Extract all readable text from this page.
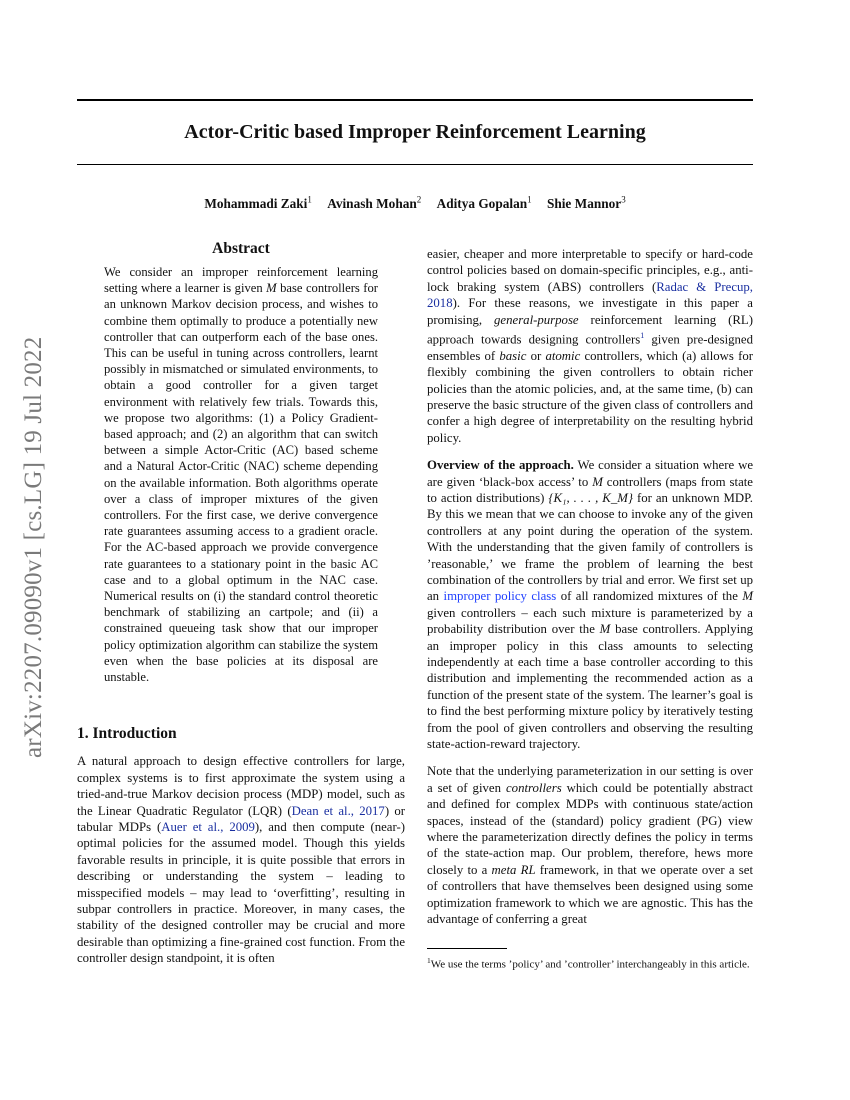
arXiv:2207.09090v1 [cs.LG] 19 Jul 2022
Actor-Critic based Improper Reinforcement Learning
Mohammadi Zaki$^1$ Avinash Mohan$^2$ Aditya Gopalan$^1$ Shie Mannor$^3$
Abstract

We consider an improper reinforcement learning setting where a learner is given M base controllers for an unknown Markov decision process, and wishes to combine them optimally to produce a potentially new controller that can outperform each of the base ones. This can be useful in tuning across controllers, learnt possibly in mismatched or simulated environments, to obtain a good controller for a given target environment with relatively few trials. Towards this, we propose two algorithms: (1) a Policy Gradient-based approach; and (2) an algorithm that can switch between a simple Actor-Critic (AC) based scheme and a Natural Actor-Critic (NAC) scheme depending on the available information. Both algorithms operate over a class of improper mixtures of the given controllers. For the first case, we derive convergence rate guarantees assuming access to a gradient oracle. For the AC-based approach we provide convergence rate guarantees to a stationary point in the basic AC case and to a global optimum in the NAC case. Numerical results on (i) the standard control theoretic benchmark of stabilizing an cartpole; and (ii) a constrained queueing task show that our improper policy optimization algorithm can stabilize the system even when the base policies at its disposal are unstable.

1. Introduction

A natural approach to design effective controllers for large, complex systems is to first approximate the system using a tried-and-true Markov decision process (MDP) model, such as the Linear Quadratic Regulator (LQR) (Dean et al., 2017) or tabular MDPs (Auer et al., 2009), and then compute (near-) optimal policies for the assumed model. Though this yields favorable results in principle, it is quite possible that errors in describing or understanding the system – leading to misspecified models – may lead to ‘overfitting’, resulting in subpar controllers in practice. Moreover, in many cases, the stability of the designed controller may be crucial and more desirable than optimizing a fine-grained cost function. From the controller design standpoint, it is often

easier, cheaper and more interpretable to specify or hard-code control policies based on domain-specific principles, e.g., anti-lock braking system (ABS) controllers (Radac & Precup, 2018). For these reasons, we investigate in this paper a promising, general-purpose reinforcement learning (RL) approach towards designing controllers$^1$ given pre-designed ensembles of basic or atomic controllers, which (a) allows for flexibly combining the given controllers to obtain richer policies than the atomic policies, and, at the same time, (b) can preserve the basic structure of the given class of controllers and confer a high degree of interpretability on the resulting hybrid policy.

Overview of the approach. We consider a situation where we are given ‘black-box access’ to M controllers (maps from state to action distributions) {K₁, . . . , K_M} for an unknown MDP. By this we mean that we can choose to invoke any of the given controllers at any point during the operation of the system. With the understanding that the given family of controllers is ’reasonable,’ we frame the problem of learning the best combination of the controllers by trial and error. We first set up an improper policy class of all randomized mixtures of the M given controllers – each such mixture is parameterized by a probability distribution over the M base controllers. Applying an improper policy in this class amounts to selecting independently at each time a base controller according to this distribution and implementing the recommended action as a function of the present state of the system. The learner’s goal is to find the best performing mixture policy by iteratively testing from the pool of given controllers and observing the resulting state-action-reward trajectory.

Note that the underlying parameterization in our setting is over a set of given controllers which could be potentially abstract and defined for complex MDPs with continuous state/action spaces, instead of the (standard) policy gradient (PG) view where the parameterization directly defines the policy in terms of the state-action map. Our problem, therefore, hews more closely to a meta RL framework, in that we operate over a set of controllers that have themselves been designed using some optimization framework to which we are agnostic. This has the advantage of conferring a great

$^1$We use the terms ’policy’ and ’controller’ interchangeably in this article.
